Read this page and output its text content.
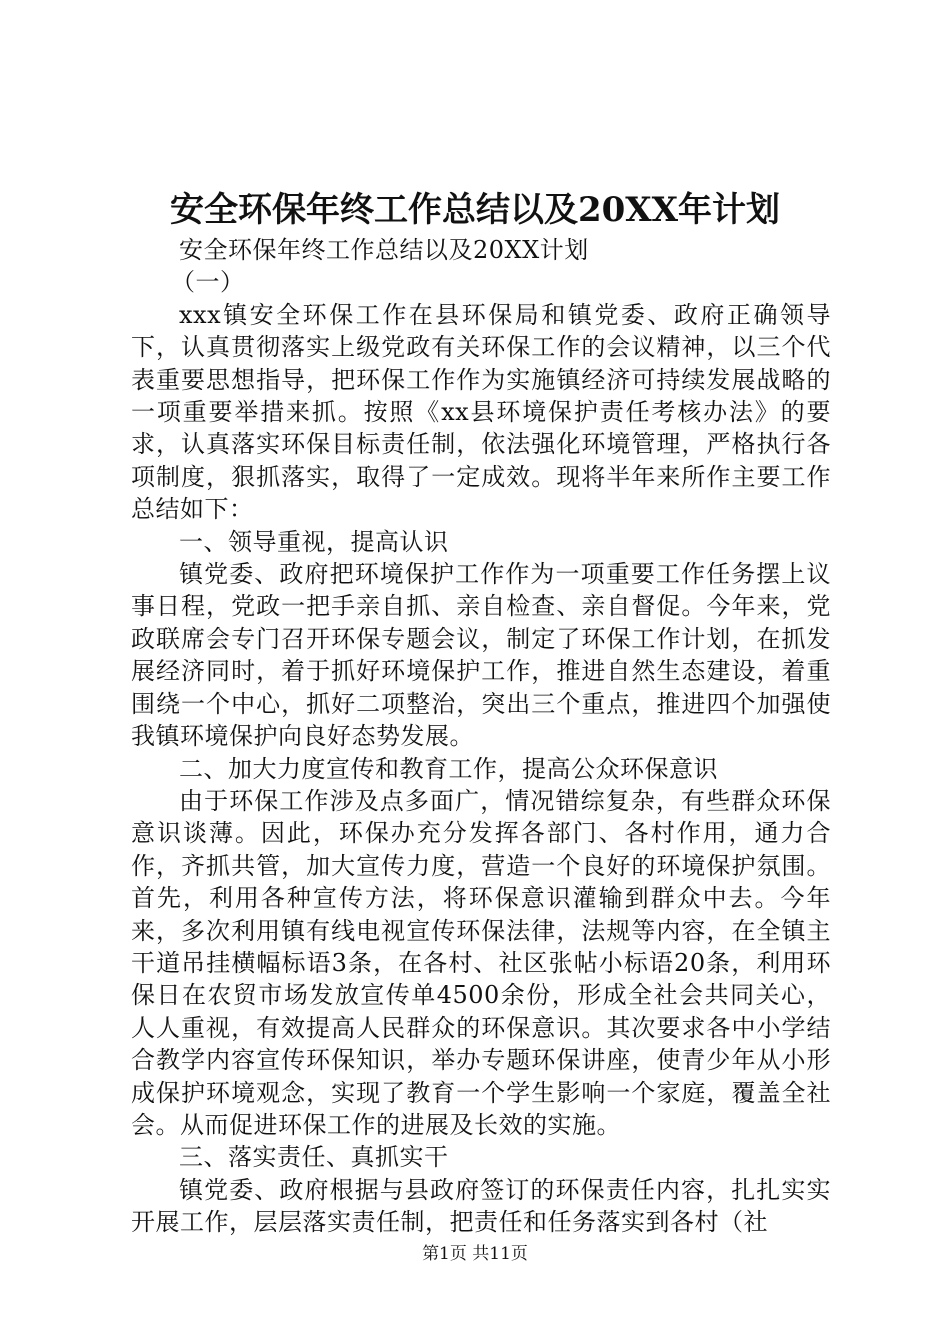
安全环保年终工作总结以及20XX年计划

安全环保年终工作总结以及20XX计划

（一）

xxx镇安全环保工作在县环保局和镇党委、政府正确领导下，认真贯彻落实上级党政有关环保工作的会议精神，以三个代表重要思想指导，把环保工作作为实施镇经济可持续发展战略的一项重要举措来抓。按照《xx县环境保护责任考核办法》的要求，认真落实环保目标责任制，依法强化环境管理，严格执行各项制度，狠抓落实，取得了一定成效。现将半年来所作主要工作总结如下：

一、领导重视，提高认识

镇党委、政府把环境保护工作作为一项重要工作任务摆上议事日程，党政一把手亲自抓、亲自检查、亲自督促。今年来，党政联席会专门召开环保专题会议，制定了环保工作计划，在抓发展经济同时，着于抓好环境保护工作，推进自然生态建设，着重围绕一个中心，抓好二项整治，突出三个重点，推进四个加强使我镇环境保护向良好态势发展。

二、加大力度宣传和教育工作，提高公众环保意识

由于环保工作涉及点多面广，情况错综复杂，有些群众环保意识谈薄。因此，环保办充分发挥各部门、各村作用，通力合作，齐抓共管，加大宣传力度，营造一个良好的环境保护氛围。首先，利用各种宣传方法，将环保意识灌输到群众中去。今年来，多次利用镇有线电视宣传环保法律，法规等内容，在全镇主干道吊挂横幅标语3条，在各村、社区张帖小标语20条，利用环保日在农贸市场发放宣传单4500余份，形成全社会共同关心，人人重视，有效提高人民群众的环保意识。其次要求各中小学结合教学内容宣传环保知识，举办专题环保讲座，使青少年从小形成保护环境观念，实现了教育一个学生影响一个家庭，覆盖全社会。从而促进环保工作的进展及长效的实施。

三、落实责任、真抓实干

镇党委、政府根据与县政府签订的环保责任内容，扎扎实实开展工作，层层落实责任制，把责任和任务落实到各村（社

第1页 共11页
